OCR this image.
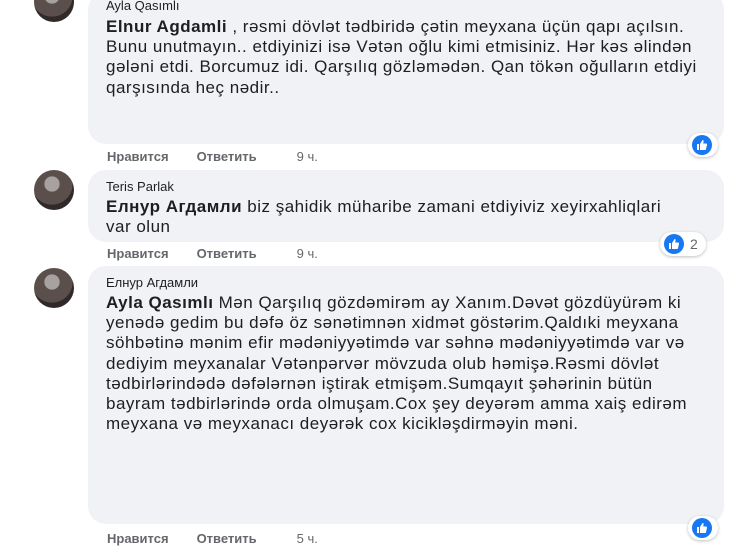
Ayla Qasımlı
Elnur Agdamli , rəsmi dövlət tədbiridə çətin meyxana üçün qapı açılsın. Bunu unutmayın.. etdiyinizi isə Vətən oğlu kimi etmisiniz. Hər kəs əlindən gələni etdi. Borcumuz idi. Qarşılıq gözləmədən. Qan tökən oğulların etdiyi qarşısında heç nədir..
Нравится Ответить	9 ч.
Teris Parlak
Елнур Агдамли biz şahidik müharibe zamani etdiyiviz xeyirxahliqlari var olun
2
Нравится Ответить	9 ч.
Елнур Агдамли
Ayla Qasımlı Mən Qarşılıq gözdəmirəm ay Xanım.Dəvət gözdüyürəm ki yenədə gedim bu dəfə öz sənətimnən xidmət göstərim.Qaldıki meyxana söhbətinə mənim efir mədəniyyətimdə var səhnə mədəniyyətimdə var və dediyim meyxanalar Vətənpərvər mövzuda olub həmişə.Rəsmi dövlət tədbirlərindədə dəfələrnən iştirak etmişəm.Sumqayıt şəhərinin bütün bayram tədbirlərində orda olmuşam.Cox şey deyərəm amma xaiş edirəm meyxana və meyxanacı deyərək cox kicikləşdirməyin məni.
Нравится Ответить	5 ч.
